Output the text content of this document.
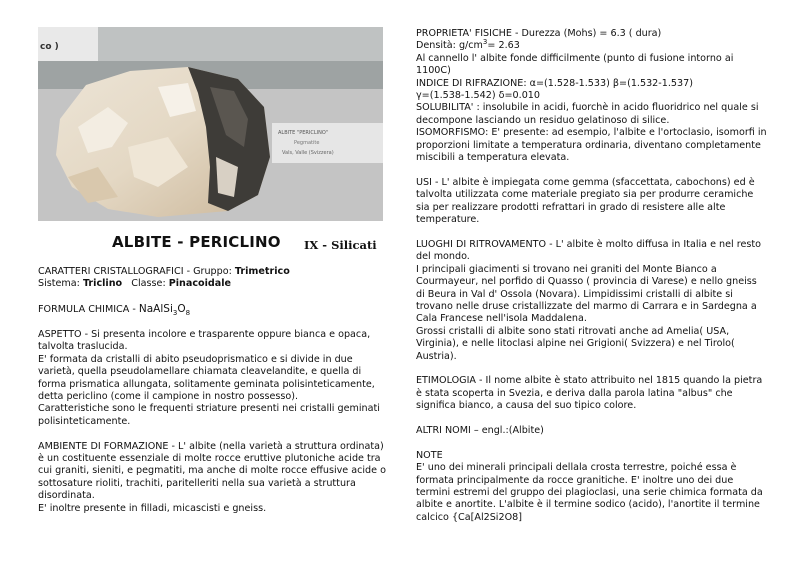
co )
ALBITE "PERICLINO"
Pegmatite
Vals, Valle (Svizzera)
ALBITE - PERICLINO IX - Silicati

CARATTERI CRISTALLOGRAFICI - Gruppo: Trimetrico

Sistema: Triclino Classe: Pinacoidale

FORMULA CHIMICA - $NaAlSi_3O_8$

ASPETTO - Si presenta incolore e trasparente oppure bianca e opaca, talvolta traslucida.

E' formata da cristalli di abito pseudoprismatico e si divide in due varietà, quella pseudolamellare chiamata cleavelandite, e quella di forma prismatica allungata, solitamente geminata polisinteticamente, detta periclino (come il campione in nostro possesso).

Caratteristiche sono le frequenti striature presenti nei cristalli geminati polisinteticamente.

AMBIENTE DI FORMAZIONE - L' albite (nella varietà a struttura ordinata) è un costituente essenziale di molte rocce eruttive plutoniche acide tra cui graniti, sieniti, e pegmatiti, ma anche di molte rocce effusive acide o sottosature rioliti, trachiti, paritelleriti nella sua varietà a struttura disordinata.

E' inoltre presente in filladi, micascisti e gneiss.

PROPRIETA' FISICHE - Durezza (Mohs) = 6.3 ( dura)

Densità: $g/cm^3= 2.63$

Al cannello l' albite fonde difficilmente (punto di fusione intorno ai 1100C)

INDICE DI RIFRAZIONE: α=(1.528-1.533) β=(1.532-1.537)

γ=(1.538-1.542) δ=0.010

SOLUBILITA' : insolubile in acidi, fuorchè in acido fluoridrico nel quale si decompone lasciando un residuo gelatinoso di silice.

ISOMORFISMO: E' presente: ad esempio, l'albite e l'ortoclasio, isomorfi in proporzioni limitate a temperatura ordinaria, diventano completamente miscibili a temperatura elevata.

USI - L' albite è impiegata come gemma (sfaccettata, cabochons) ed è talvolta utilizzata come materiale pregiato sia per produrre ceramiche sia per realizzare prodotti refrattari in grado di resistere alle alte temperature.

LUOGHI DI RITROVAMENTO - L' albite è molto diffusa in Italia e nel resto del mondo.

I principali giacimenti si trovano nei graniti del Monte Bianco a Courmayeur, nel porfido di Quasso ( provincia di Varese) e nello gneiss di Beura in Val d' Ossola (Novara). Limpidissimi cristalli di albite si trovano nelle druse cristallizzate del marmo di Carrara e in Sardegna a Cala Francese nell'isola Maddalena.

Grossi cristalli di albite sono stati ritrovati anche ad Amelia( USA, Virginia), e nelle litoclasi alpine nei Grigioni( Svizzera) e nel Tirolo( Austria).

ETIMOLOGIA - Il nome albite è stato attribuito nel 1815 quando la pietra è stata scoperta in Svezia, e deriva dalla parola latina "albus" che significa bianco, a causa del suo tipico colore.

ALTRI NOMI – engl.:(Albite)

NOTE

E' uno dei minerali principali dellala crosta terrestre, poiché essa è formata principalmente da rocce granitiche. E' inoltre uno dei due termini estremi del gruppo dei plagioclasi, una serie chimica formata da albite e anortite. L'albite è il termine sodico (acido), l'anortite il termine calcico {Ca[Al2Si2O8]
